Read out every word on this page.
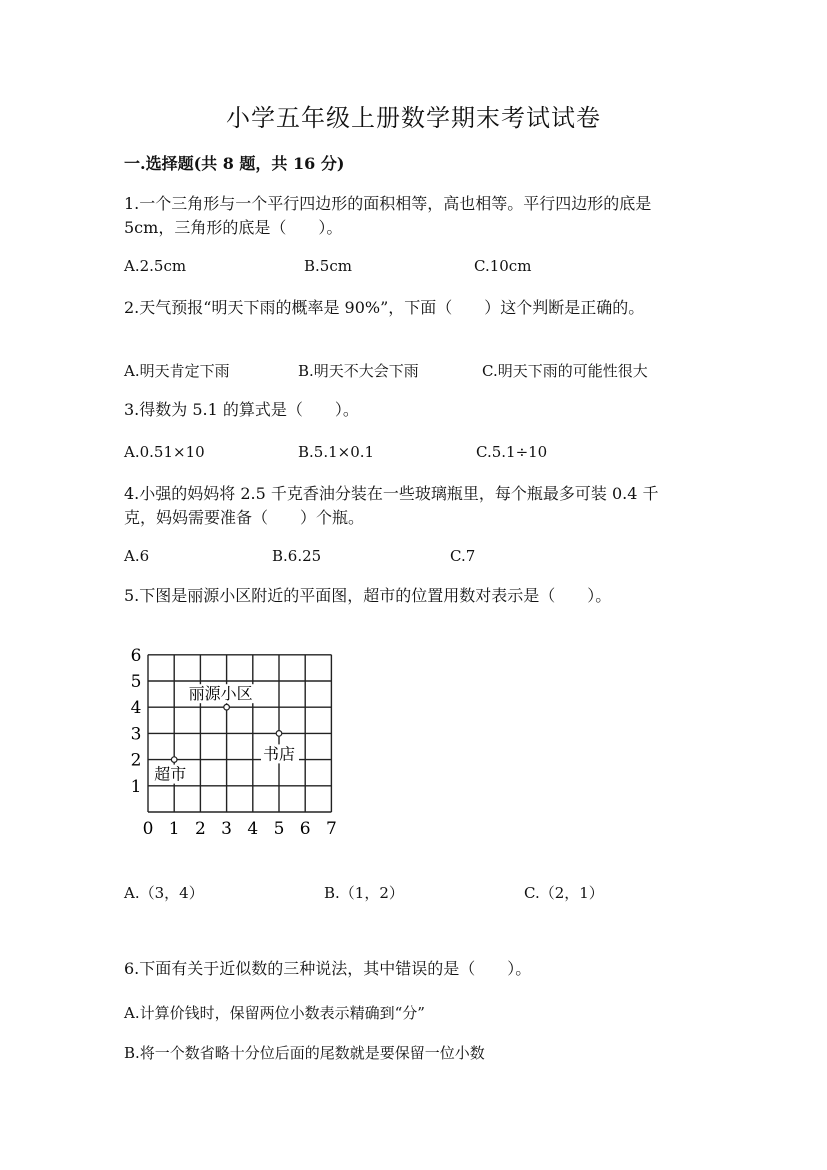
小学五年级上册数学期末考试试卷
一.选择题(共 8 题，共 16 分)
1.一个三角形与一个平行四边形的面积相等，高也相等。平行四边形的底是
5cm，三角形的底是（　　）。
A.2.5cm	B.5cm	C.10cm
2.天气预报“明天下雨的概率是 90%”，下面（　　）这个判断是正确的。
A.明天肯定下雨	B.明天不大会下雨	C.明天下雨的可能性很大
3.得数为 5.1 的算式是（　　）。
A.0.51×10	B.5.1×0.1	C.5.1÷10
4.小强的妈妈将 2.5 千克香油分装在一些玻璃瓶里，每个瓶最多可装 0.4 千
克，妈妈需要准备（　　）个瓶。
A.6	B.6.25	C.7
5.下图是丽源小区附近的平面图，超市的位置用数对表示是（　　）。
0 1 2 3 4 5 6 7
1
2
3
4
5
6
丽源小区
超市
书店
A.（3，4）	B.（1，2）	C.（2，1）
6.下面有关于近似数的三种说法，其中错误的是（　　）。
A.计算价钱时，保留两位小数表示精确到“分”
B.将一个数省略十分位后面的尾数就是要保留一位小数
